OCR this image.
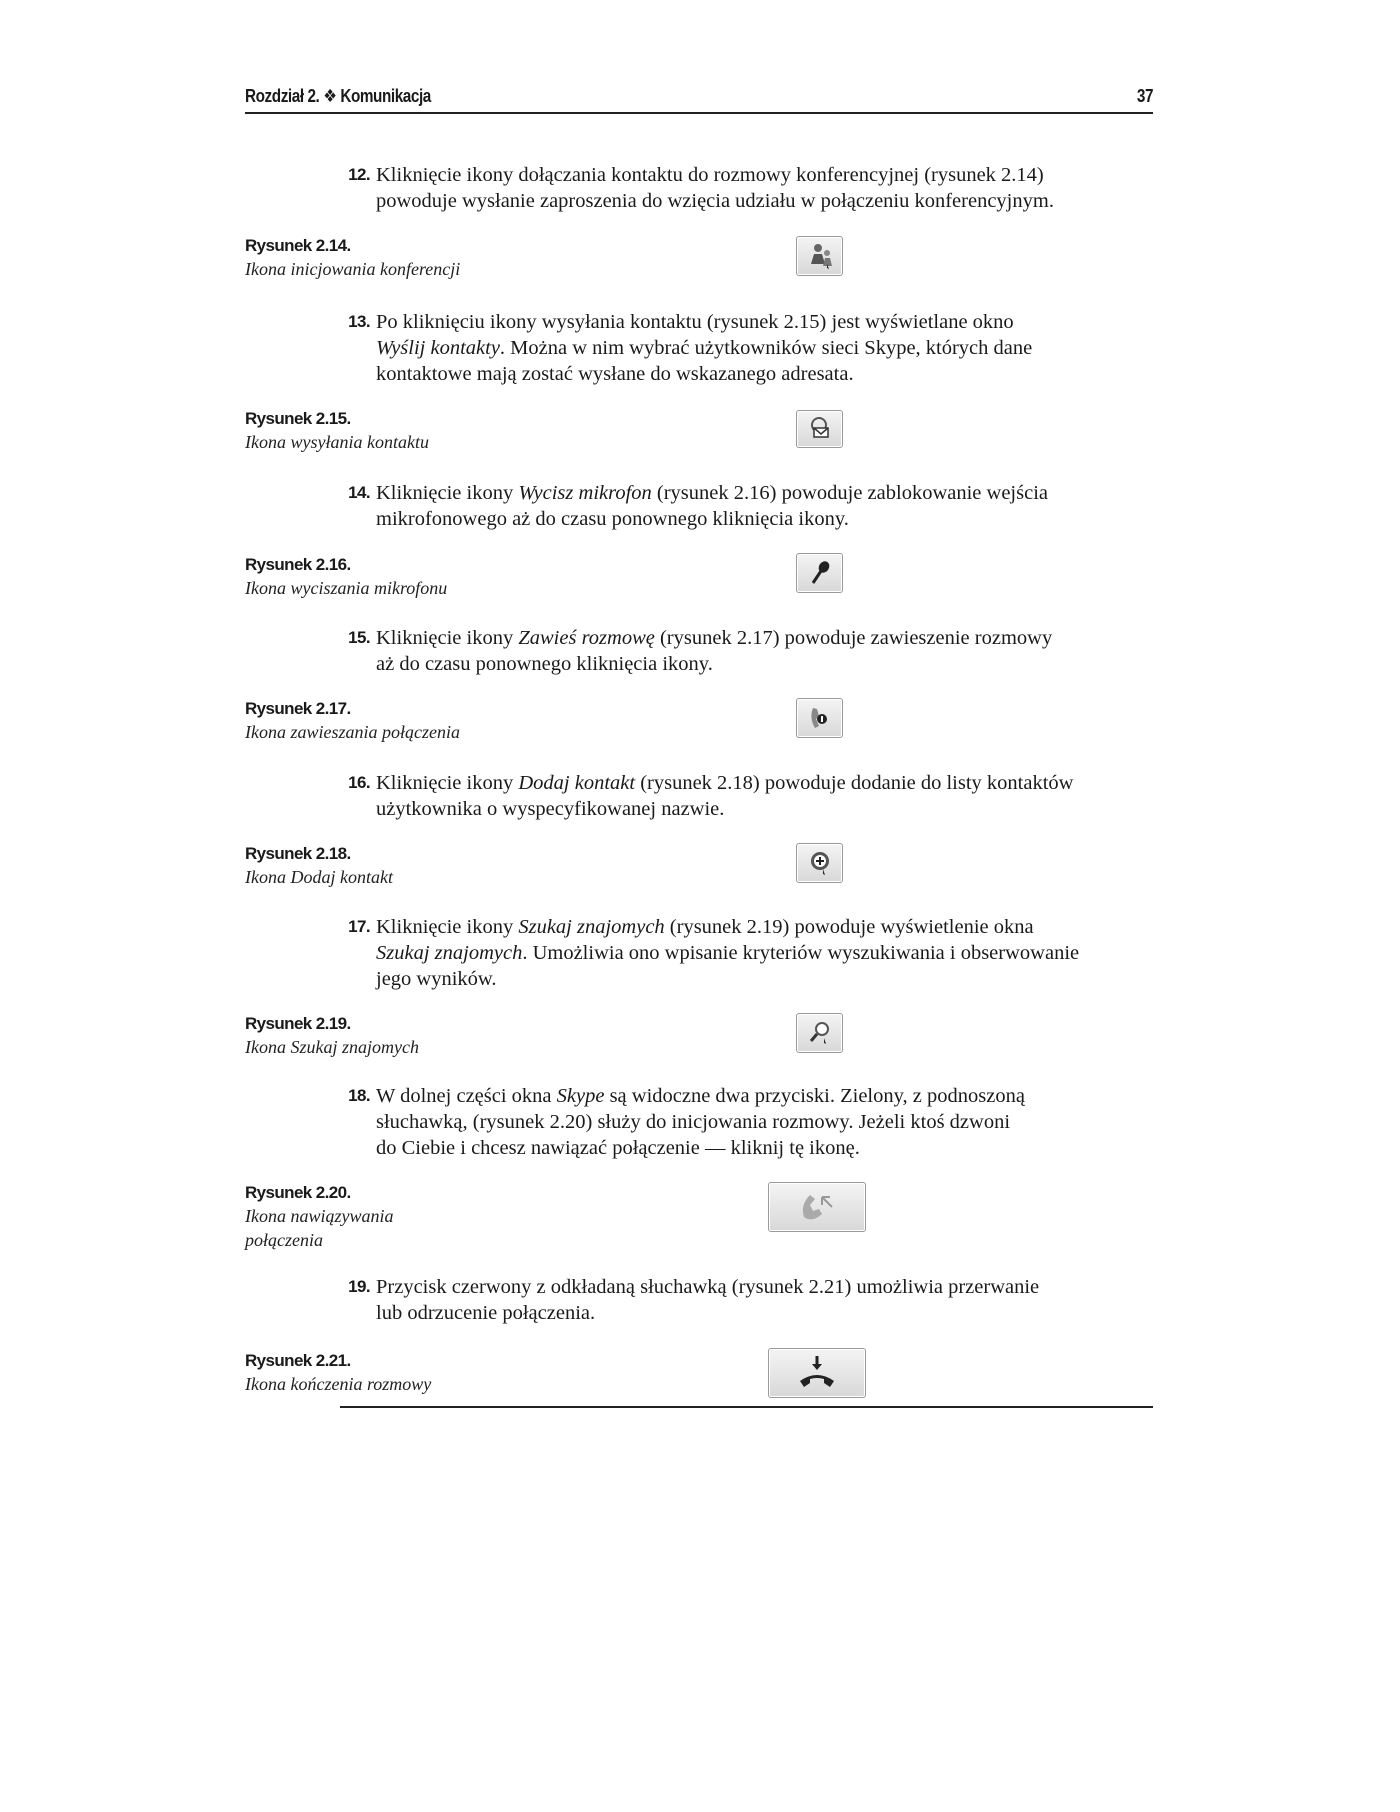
Rozdział 2. ❖ Komunikacja	37
12. Kliknięcie ikony dołączania kontaktu do rozmowy konferencyjnej (rysunek 2.14)

powoduje wysłanie zaproszenia do wzięcia udziału w połączeniu konferencyjnym.

Rysunek 2.14.
Ikona inicjowania konferencji
13. Po kliknięciu ikony wysyłania kontaktu (rysunek 2.15) jest wyświetlane okno

Wyślij kontakty. Można w nim wybrać użytkowników sieci Skype, których dane

kontaktowe mają zostać wysłane do wskazanego adresata.

Rysunek 2.15.
Ikona wysyłania kontaktu
14. Kliknięcie ikony Wycisz mikrofon (rysunek 2.16) powoduje zablokowanie wejścia

mikrofonowego aż do czasu ponownego kliknięcia ikony.

Rysunek 2.16.
Ikona wyciszania mikrofonu
15. Kliknięcie ikony Zawieś rozmowę (rysunek 2.17) powoduje zawieszenie rozmowy

aż do czasu ponownego kliknięcia ikony.

Rysunek 2.17.
Ikona zawieszania połączenia
16. Kliknięcie ikony Dodaj kontakt (rysunek 2.18) powoduje dodanie do listy kontaktów

użytkownika o wyspecyfikowanej nazwie.

Rysunek 2.18.
Ikona Dodaj kontakt
17. Kliknięcie ikony Szukaj znajomych (rysunek 2.19) powoduje wyświetlenie okna

Szukaj znajomych. Umożliwia ono wpisanie kryteriów wyszukiwania i obserwowanie

jego wyników.

Rysunek 2.19.
Ikona Szukaj znajomych
18. W dolnej części okna Skype są widoczne dwa przyciski. Zielony, z podnoszoną

słuchawką, (rysunek 2.20) służy do inicjowania rozmowy. Jeżeli ktoś dzwoni

do Ciebie i chcesz nawiązać połączenie — kliknij tę ikonę.

Rysunek 2.20.
Ikona nawiązywania
połączenia
19. Przycisk czerwony z odkładaną słuchawką (rysunek 2.21) umożliwia przerwanie

lub odrzucenie połączenia.

Rysunek 2.21.
Ikona kończenia rozmowy
